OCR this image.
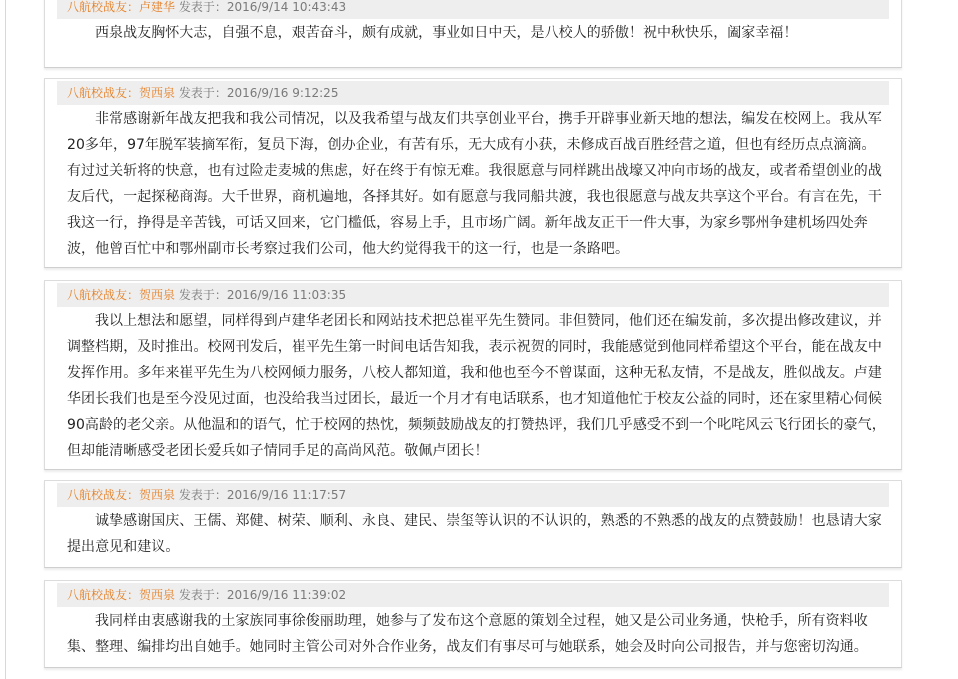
八航校战友：卢建华 发表于：2016/9/14 10:43:43
西泉战友胸怀大志，自强不息，艰苦奋斗，颇有成就，事业如日中天，是八校人的骄傲！祝中秋快乐，阖家幸福！
八航校战友：贺西泉 发表于：2016/9/16 9:12:25
非常感谢新年战友把我和我公司情况，以及我希望与战友们共享创业平台，携手开辟事业新天地的想法，编发在校网上。我从军20多年，97年脱军装摘军衔，复员下海，创办企业，有苦有乐，无大成有小获，未修成百战百胜经营之道，但也有经历点点滴滴。有过过关斩将的快意，也有过险走麦城的焦虑，好在终于有惊无难。我很愿意与同样跳出战壕又冲向市场的战友，或者希望创业的战友后代，一起探秘商海。大千世界，商机遍地，各择其好。如有愿意与我同船共渡，我也很愿意与战友共享这个平台。有言在先，干我这一行，挣得是辛苦钱，可话又回来，它门槛低，容易上手，且市场广阔。新年战友正干一件大事，为家乡鄂州争建机场四处奔波，他曾百忙中和鄂州副市长考察过我们公司，他大约觉得我干的这一行，也是一条路吧。
八航校战友：贺西泉 发表于：2016/9/16 11:03:35
我以上想法和愿望，同样得到卢建华老团长和网站技术把总崔平先生赞同。非但赞同，他们还在编发前，多次提出修改建议，并调整档期，及时推出。校网刊发后，崔平先生第一时间电话告知我，表示祝贺的同时，我能感觉到他同样希望这个平台，能在战友中发挥作用。多年来崔平先生为八校网倾力服务，八校人都知道，我和他也至今不曾谋面，这种无私友情，不是战友，胜似战友。卢建华团长我们也是至今没见过面，也没给我当过团长，最近一个月才有电话联系，也才知道他忙于校友公益的同时，还在家里精心伺候90高龄的老父亲。从他温和的语气，忙于校网的热忱，频频鼓励战友的打赞热评，我们几乎感受不到一个叱咤风云飞行团长的豪气，但却能清晰感受老团长爱兵如子情同手足的高尚风范。敬佩卢团长！
八航校战友：贺西泉 发表于：2016/9/16 11:17:57
诚挚感谢国庆、王儒、郑健、树荣、顺利、永良、建民、崇玺等认识的不认识的，熟悉的不熟悉的战友的点赞鼓励！也恳请大家提出意见和建议。
八航校战友：贺西泉 发表于：2016/9/16 11:39:02
我同样由衷感谢我的土家族同事徐俊丽助理，她参与了发布这个意愿的策划全过程，她又是公司业务通，快枪手，所有资料收集、整理、编排均出自她手。她同时主管公司对外合作业务，战友们有事尽可与她联系，她会及时向公司报告，并与您密切沟通。
